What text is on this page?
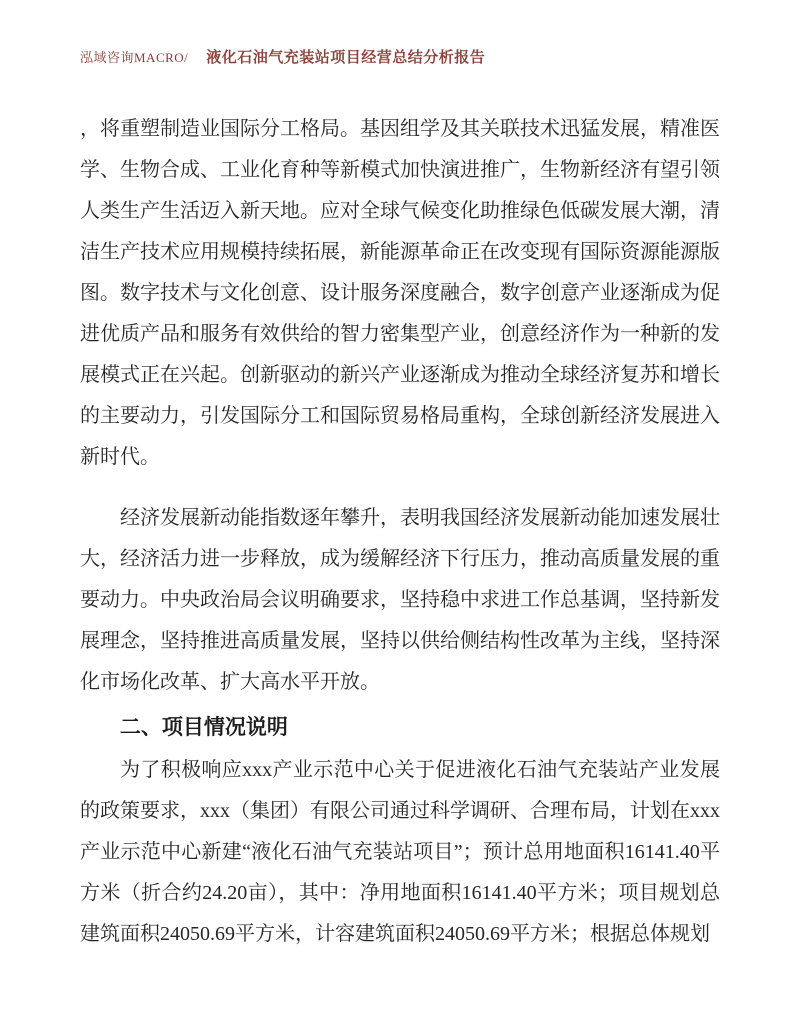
泓域咨询MACRO/ 液化石油气充装站项目经营总结分析报告

，将重塑制造业国际分工格局。基因组学及其关联技术迅猛发展，精准医学、生物合成、工业化育种等新模式加快演进推广，生物新经济有望引领人类生产生活迈入新天地。应对全球气候变化助推绿色低碳发展大潮，清洁生产技术应用规模持续拓展，新能源革命正在改变现有国际资源能源版图。数字技术与文化创意、设计服务深度融合，数字创意产业逐渐成为促进优质产品和服务有效供给的智力密集型产业，创意经济作为一种新的发展模式正在兴起。创新驱动的新兴产业逐渐成为推动全球经济复苏和增长的主要动力，引发国际分工和国际贸易格局重构，全球创新经济发展进入新时代。

经济发展新动能指数逐年攀升，表明我国经济发展新动能加速发展壮大，经济活力进一步释放，成为缓解经济下行压力，推动高质量发展的重要动力。中央政治局会议明确要求，坚持稳中求进工作总基调，坚持新发展理念，坚持推进高质量发展，坚持以供给侧结构性改革为主线，坚持深化市场化改革、扩大高水平开放。

二、项目情况说明

为了积极响应xxx产业示范中心关于促进液化石油气充装站产业发展的政策要求，xxx（集团）有限公司通过科学调研、合理布局，计划在xxx产业示范中心新建“液化石油气充装站项目”；预计总用地面积16141.40平方米（折合约24.20亩），其中：净用地面积16141.40平方米；项目规划总建筑面积24050.69平方米，计容建筑面积24050.69平方米；根据总体规划
